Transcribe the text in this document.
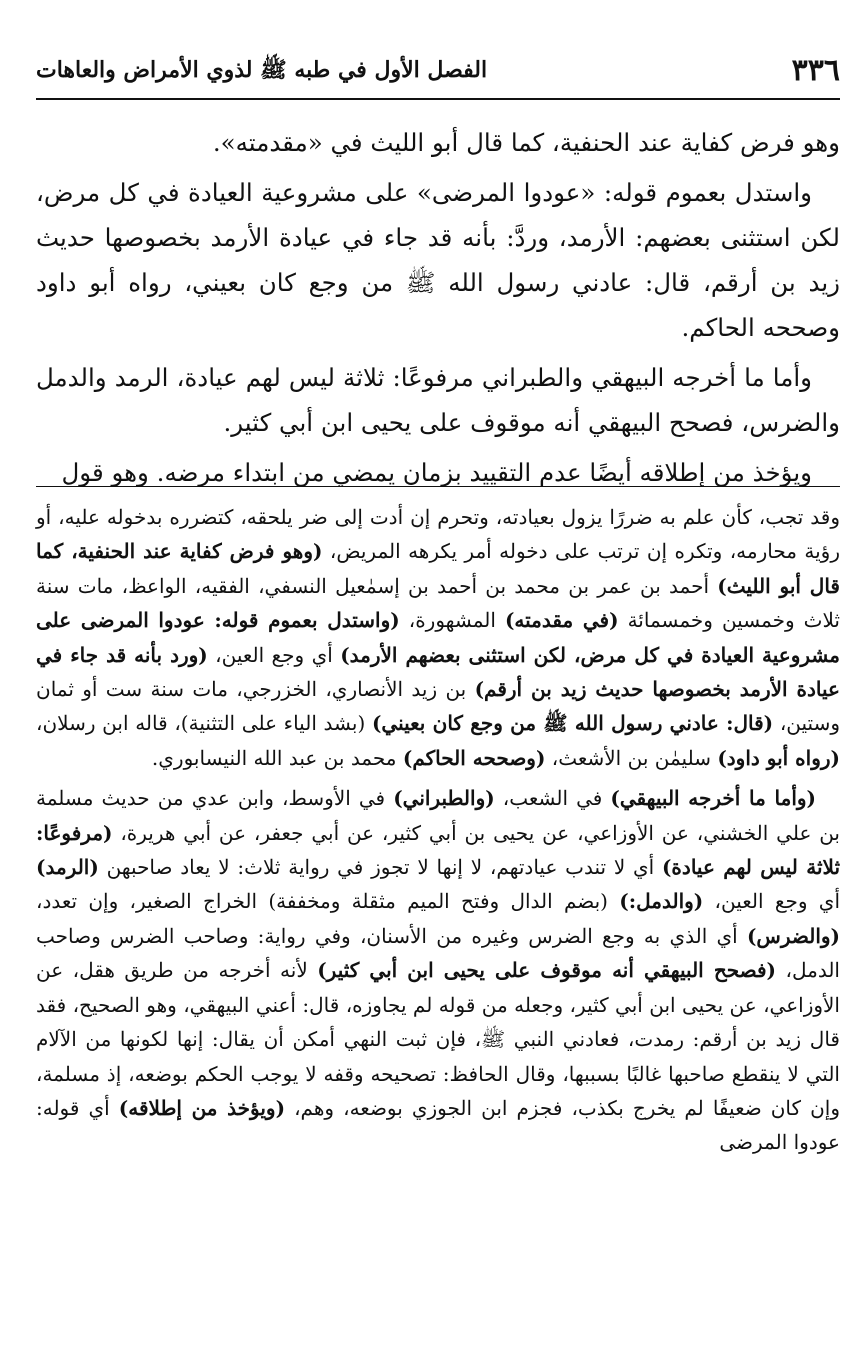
٣٣٦
الفصل الأول في طبه ﷺ لذوي الأمراض والعاهات

وهو فرض كفاية عند الحنفية، كما قال أبو الليث في «مقدمته».

واستدل بعموم قوله: «عودوا المرضى» على مشروعية العيادة في كل مرض، لكن استثنى بعضهم: الأرمد، وردَّ: بأنه قد جاء في عيادة الأرمد بخصوصها حديث زيد بن أرقم، قال: عادني رسول الله ﷺ من وجع كان بعيني، رواه أبو داود وصححه الحاكم.

وأما ما أخرجه البيهقي والطبراني مرفوعًا: ثلاثة ليس لهم عيادة، الرمد والدمل والضرس، فصحح البيهقي أنه موقوف على يحيى ابن أبي كثير.

ويؤخذ من إطلاقه أيضًا عدم التقييد بزمان يمضي من ابتداء مرضه. وهو قول

وقد تجب، كأن علم به ضررًا يزول بعيادته، وتحرم إن أدت إلى ضر يلحقه، كتضرره بدخوله عليه، أو رؤية محارمه، وتكره إن ترتب على دخوله أمر يكرهه المريض، (وهو فرض كفاية عند الحنفية، كما قال أبو الليث) أحمد بن عمر بن محمد بن أحمد بن إسمٰعيل النسفي، الفقيه، الواعظ، مات سنة ثلاث وخمسين وخمسمائة (في مقدمته) المشهورة، (واستدل بعموم قوله: عودوا المرضى على مشروعية العيادة في كل مرض، لكن استثنى بعضهم الأرمد) أي وجع العين، (ورد بأنه قد جاء في عيادة الأرمد بخصوصها حديث زيد بن أرقم) بن زيد الأنصاري، الخزرجي، مات سنة ست أو ثمان وستين، (قال: عادني رسول الله ﷺ من وجع كان بعيني) (بشد الياء على التثنية)، قاله ابن رسلان، (رواه أبو داود) سليمٰن بن الأشعث، (وصححه الحاكم) محمد بن عبد الله النيسابوري.

(وأما ما أخرجه البيهقي) في الشعب، (والطبراني) في الأوسط، وابن عدي من حديث مسلمة بن علي الخشني، عن الأوزاعي، عن يحيى بن أبي كثير، عن أبي جعفر، عن أبي هريرة، (مرفوعًا: ثلاثة ليس لهم عيادة) أي لا تندب عيادتهم، لا إنها لا تجوز في رواية ثلاث: لا يعاد صاحبهن (الرمد) أي وجع العين، (والدمل:) (بضم الدال وفتح الميم مثقلة ومخففة) الخراج الصغير، وإن تعدد، (والضرس) أي الذي به وجع الضرس وغيره من الأسنان، وفي رواية: وصاحب الضرس وصاحب الدمل، (فصحح البيهقي أنه موقوف على يحيى ابن أبي كثير) لأنه أخرجه من طريق هقل، عن الأوزاعي، عن يحيى ابن أبي كثير، وجعله من قوله لم يجاوزه، قال: أعني البيهقي، وهو الصحيح، فقد قال زيد بن أرقم: رمدت، فعادني النبي ﷺ، فإن ثبت النهي أمكن أن يقال: إنها لكونها من الآلام التي لا ينقطع صاحبها غالبًا بسببها، وقال الحافظ: تصحيحه وقفه لا يوجب الحكم بوضعه، إذ مسلمة، وإن كان ضعيفًا لم يخرج بكذب، فجزم ابن الجوزي بوضعه، وهم، (ويؤخذ من إطلاقه) أي قوله: عودوا المرضى
